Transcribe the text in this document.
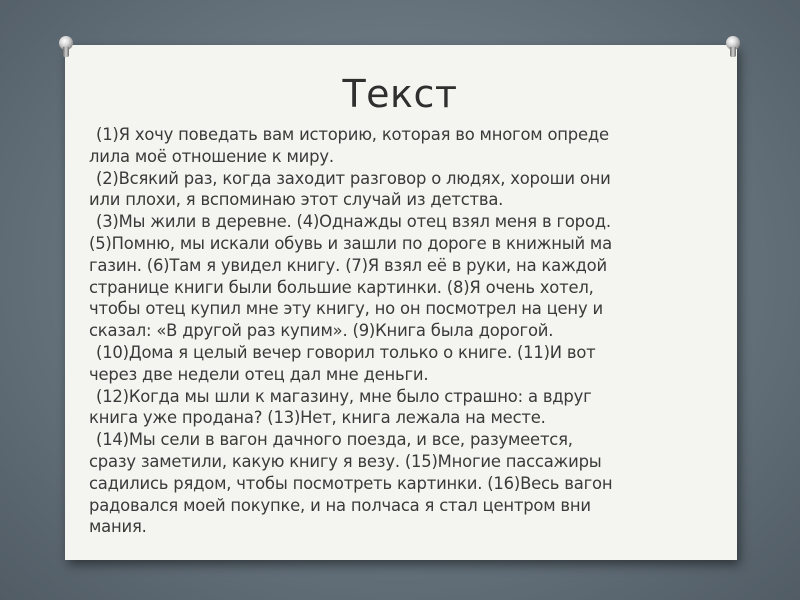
Текст
(1)Я хочу поведать вам историю, которая во многом опреде
лила моё отношение к миру.
(2)Всякий раз, когда заходит разговор о людях, хороши они
или плохи, я вспоминаю этот случай из детства.
(3)Мы жили в деревне. (4)Однажды отец взял меня в город.
(5)Помню, мы искали обувь и зашли по дороге в книжный ма
газин. (6)Там я увидел книгу. (7)Я взял её в руки, на каждой
странице книги были большие картинки. (8)Я очень хотел,
чтобы отец купил мне эту книгу, но он посмотрел на цену и
сказал: «В другой раз купим». (9)Книга была дорогой.
(10)Дома я целый вечер говорил только о книге. (11)И вот
через две недели отец дал мне деньги.
(12)Когда мы шли к магазину, мне было страшно: а вдруг
книга уже продана? (13)Нет, книга лежала на месте.
(14)Мы сели в вагон дачного поезда, и все, разумеется,
сразу заметили, какую книгу я везу. (15)Многие пассажиры
садились рядом, чтобы посмотреть картинки. (16)Весь вагон
радовался моей покупке, и на полчаса я стал центром вни
мания.
